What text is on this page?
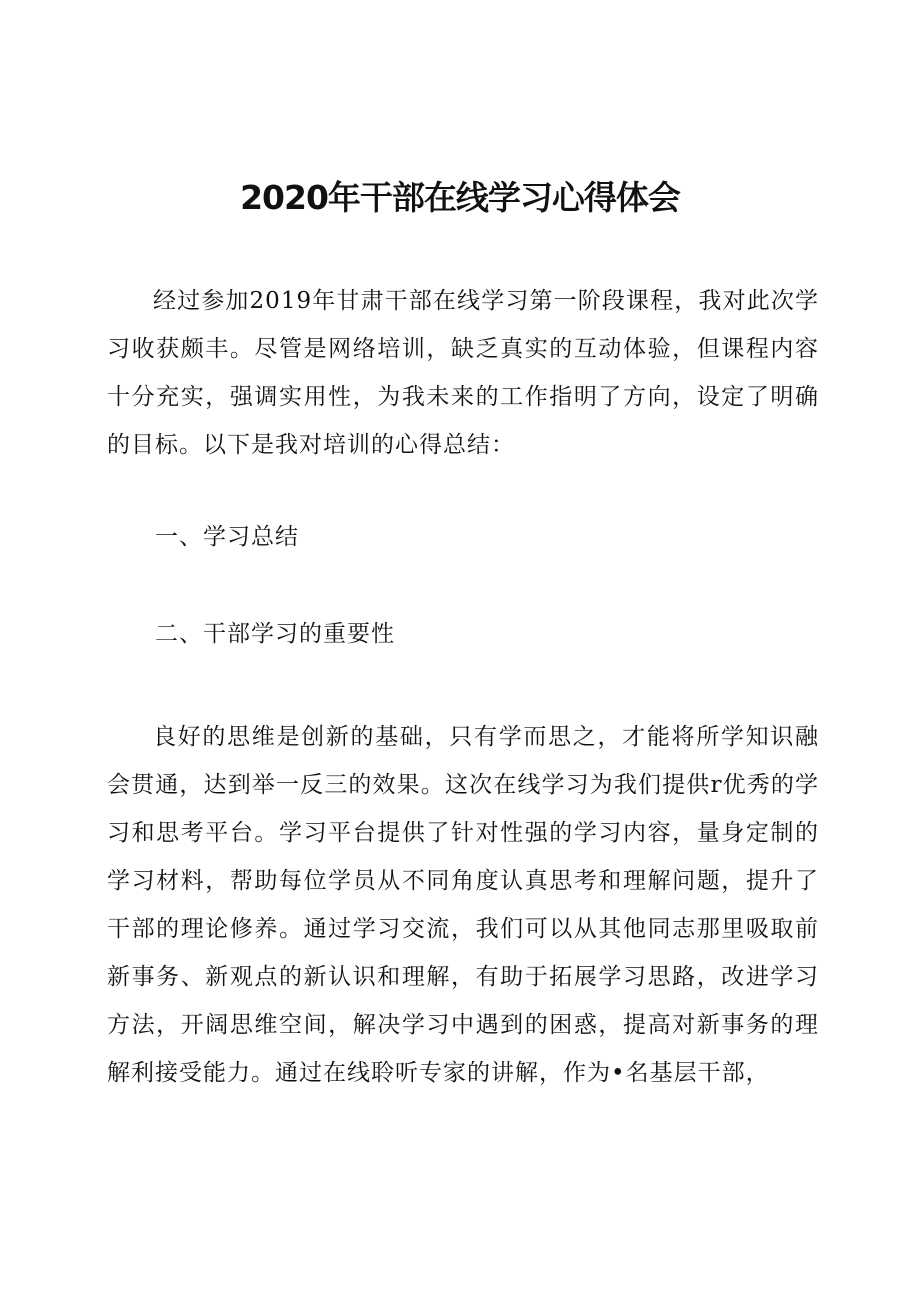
2020年干部在线学习心得体会

经过参加2019年甘肃干部在线学习第一阶段课程，我对此次学习收获颇丰。尽管是网络培训，缺乏真实的互动体验，但课程内容十分充实，强调实用性，为我未来的工作指明了方向，设定了明确的目标。以下是我对培训的心得总结：

一、学习总结

二、干部学习的重要性

良好的思维是创新的基础，只有学而思之，才能将所学知识融会贯通，达到举一反三的效果。这次在线学习为我们提供r优秀的学习和思考平台。学习平台提供了针对性强的学习内容，量身定制的学习材料，帮助每位学员从不同角度认真思考和理解问题，提升了干部的理论修养。通过学习交流，我们可以从其他同志那里吸取前新事务、新观点的新认识和理解，有助于拓展学习思路，改进学习方法，开阔思维空间，解决学习中遇到的困惑，提高对新事务的理解利接受能力。通过在线聆听专家的讲解，作为•名基层干部，
